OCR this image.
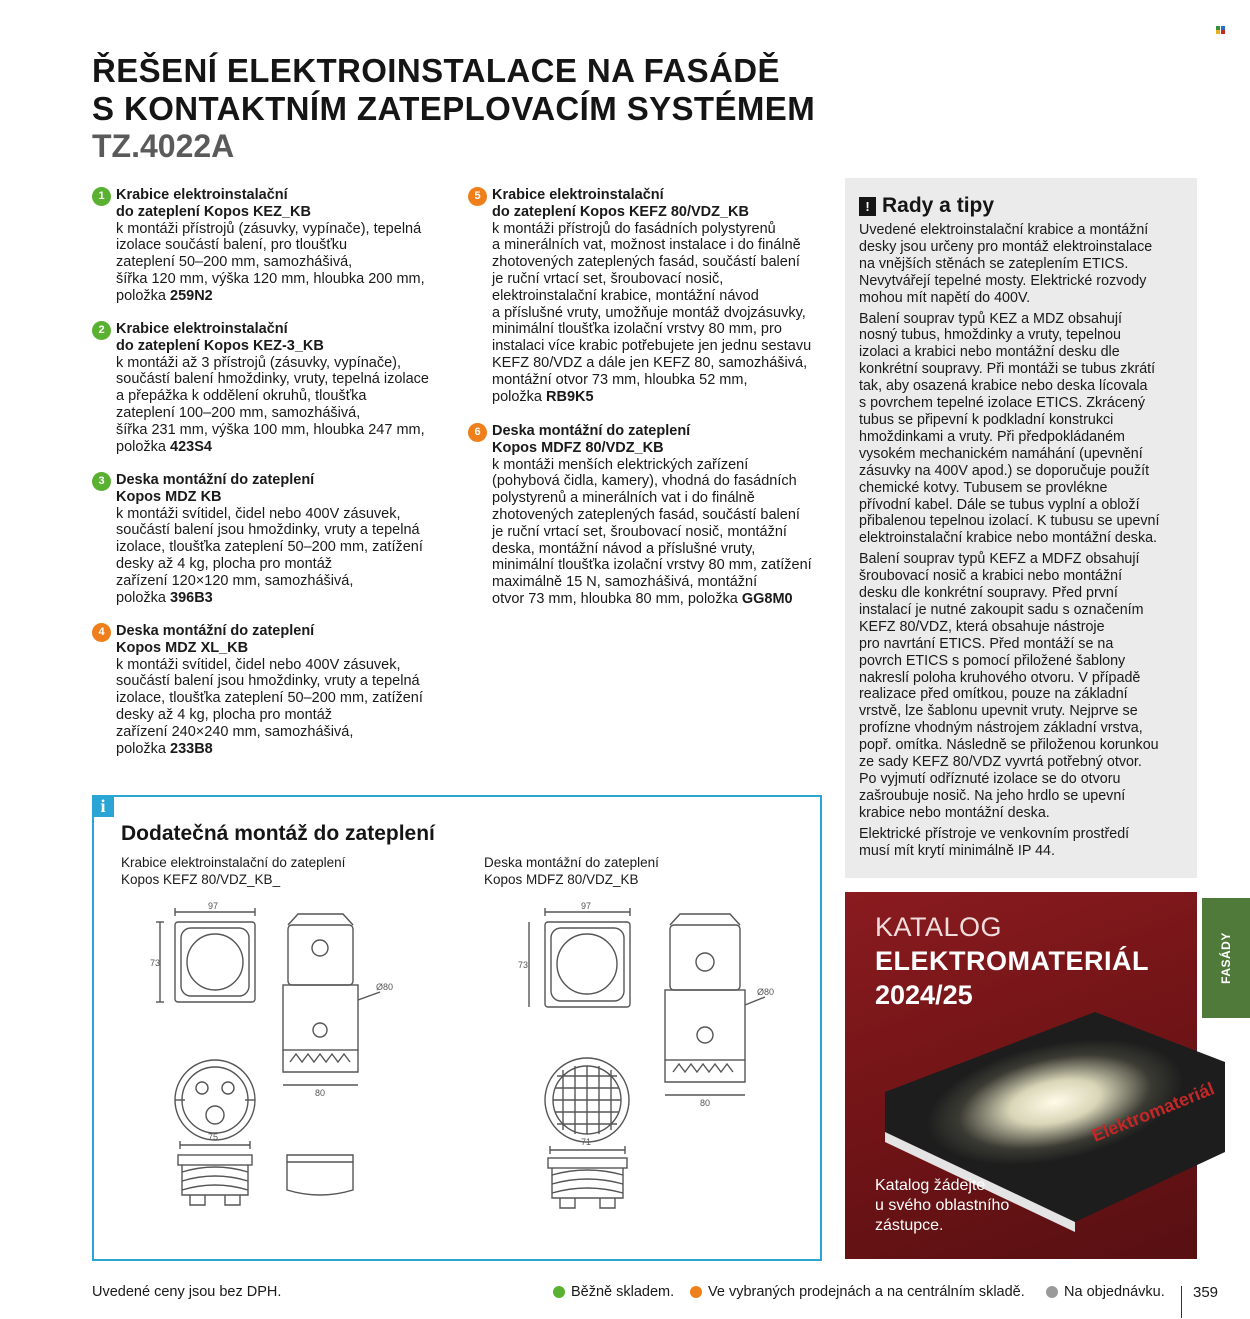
ŘEŠENÍ ELEKTROINSTALACE NA FASÁDĚ
S KONTAKTNÍM ZATEPLOVACÍM SYSTÉMEM
TZ.4022A
1 Krabice elektroinstalační
do zateplení Kopos KEZ_KB
k montáži přístrojů (zásuvky, vypínače), tepelná
izolace součástí balení, pro tloušťku
zateplení 50–200 mm, samozhášivá,
šířka 120 mm, výška 120 mm, hloubka 200 mm,
položka 259N2
2 Krabice elektroinstalační
do zateplení Kopos KEZ-3_KB
k montáži až 3 přístrojů (zásuvky, vypínače),
součástí balení hmoždinky, vruty, tepelná izolace
a přepážka k oddělení okruhů, tloušťka
zateplení 100–200 mm, samozhášivá,
šířka 231 mm, výška 100 mm, hloubka 247 mm,
položka 423S4
3 Deska montážní do zateplení
Kopos MDZ KB
k montáži svítidel, čidel nebo 400V zásuvek,
součástí balení jsou hmoždinky, vruty a tepelná
izolace, tloušťka zateplení 50–200 mm, zatížení
desky až 4 kg, plocha pro montáž
zařízení 120×120 mm, samozhášivá,
položka 396B3
4 Deska montážní do zateplení
Kopos MDZ XL_KB
k montáži svítidel, čidel nebo 400V zásuvek,
součástí balení jsou hmoždinky, vruty a tepelná
izolace, tloušťka zateplení 50–200 mm, zatížení
desky až 4 kg, plocha pro montáž
zařízení 240×240 mm, samozhášivá,
položka 233B8
5 Krabice elektroinstalační
do zateplení Kopos KEFZ 80/VDZ_KB
k montáži přístrojů do fasádních polystyrenů
a minerálních vat, možnost instalace i do finálně
zhotovených zateplených fasád, součástí balení
je ruční vrtací set, šroubovací nosič,
elektroinstalační krabice, montážní návod
a příslušné vruty, umožňuje montáž dvojzásuvky,
minimální tloušťka izolační vrstvy 80 mm, pro
instalaci více krabic potřebujete jen jednu sestavu
KEFZ 80/VDZ a dále jen KEFZ 80, samozhášivá,
montážní otvor 73 mm, hloubka 52 mm,
položka RB9K5
6 Deska montážní do zateplení
Kopos MDFZ 80/VDZ_KB
k montáži menších elektrických zařízení
(pohybová čidla, kamery), vhodná do fasádních
polystyrenů a minerálních vat i do finálně
zhotovených zateplených fasád, součástí balení
je ruční vrtací set, šroubovací nosič, montážní
deska, montážní návod a příslušné vruty,
minimální tloušťka izolační vrstvy 80 mm, zatížení
maximálně 15 N, samozhášivá, montážní
otvor 73 mm, hloubka 80 mm, položka GG8M0
! Rady a tipy

Uvedené elektroinstalační krabice a montážní
desky jsou určeny pro montáž elektroinstalace
na vnějších stěnách se zateplením ETICS.
Nevytvářejí tepelné mosty. Elektrické rozvody
mohou mít napětí do 400V.

Balení souprav typů KEZ a MDZ obsahují
nosný tubus, hmoždinky a vruty, tepelnou
izolaci a krabici nebo montážní desku dle
konkrétní soupravy. Při montáži se tubus zkrátí
tak, aby osazená krabice nebo deska lícovala
s povrchem tepelné izolace ETICS. Zkrácený
tubus se připevní k podkladní konstrukci
hmoždinkami a vruty. Při předpokládaném
vysokém mechanickém namáhání (upevnění
zásuvky na 400V apod.) se doporučuje použít
chemické kotvy. Tubusem se provlékne
přívodní kabel. Dále se tubus vyplní a obloží
přibalenou tepelnou izolací. K tubusu se upevní
elektroinstalační krabice nebo montážní deska.

Balení souprav typů KEFZ a MDFZ obsahují
šroubovací nosič a krabici nebo montážní
desku dle konkrétní soupravy. Před první
instalací je nutné zakoupit sadu s označením
KEFZ 80/VDZ, která obsahuje nástroje
pro navrtání ETICS. Před montáží se na
povrch ETICS s pomocí přiložené šablony
nakreslí poloha kruhového otvoru. V případě
realizace před omítkou, pouze na základní
vrstvě, lze šablonu upevnit vruty. Nejprve se
profíznе vhodným nástrojem základní vrstva,
popř. omítka. Následně se přiloženou korunkou
ze sady KEFZ 80/VDZ vyvrtá potřebný otvor.
Po vyjmutí odříznuté izolace se do otvoru
zašroubuje nosič. Na jeho hrdlo se upevní
krabice nebo montážní deska.

Elektrické přístroje ve venkovním prostředí
musí mít krytí minimálně IP 44.

Elektromateriál
KATALOG
ELEKTROMATERIÁL
2024/25
Katalog žádejte
u svého oblastního
zástupce.
FASÁDY
i
Dodatečná montáž do zateplení
Krabice elektroinstalační do zateplení
Kopos KEFZ 80/VDZ_KB_
Deska montážní do zateplení
Kopos MDFZ 80/VDZ_KB
97
73
Ø80
80
75
97
73
Ø80
80
71
Uvedené ceny jsou bez DPH.	Běžně skladem. Ve vybraných prodejnách a na centrálním skladě.	Na objednávku. 359
